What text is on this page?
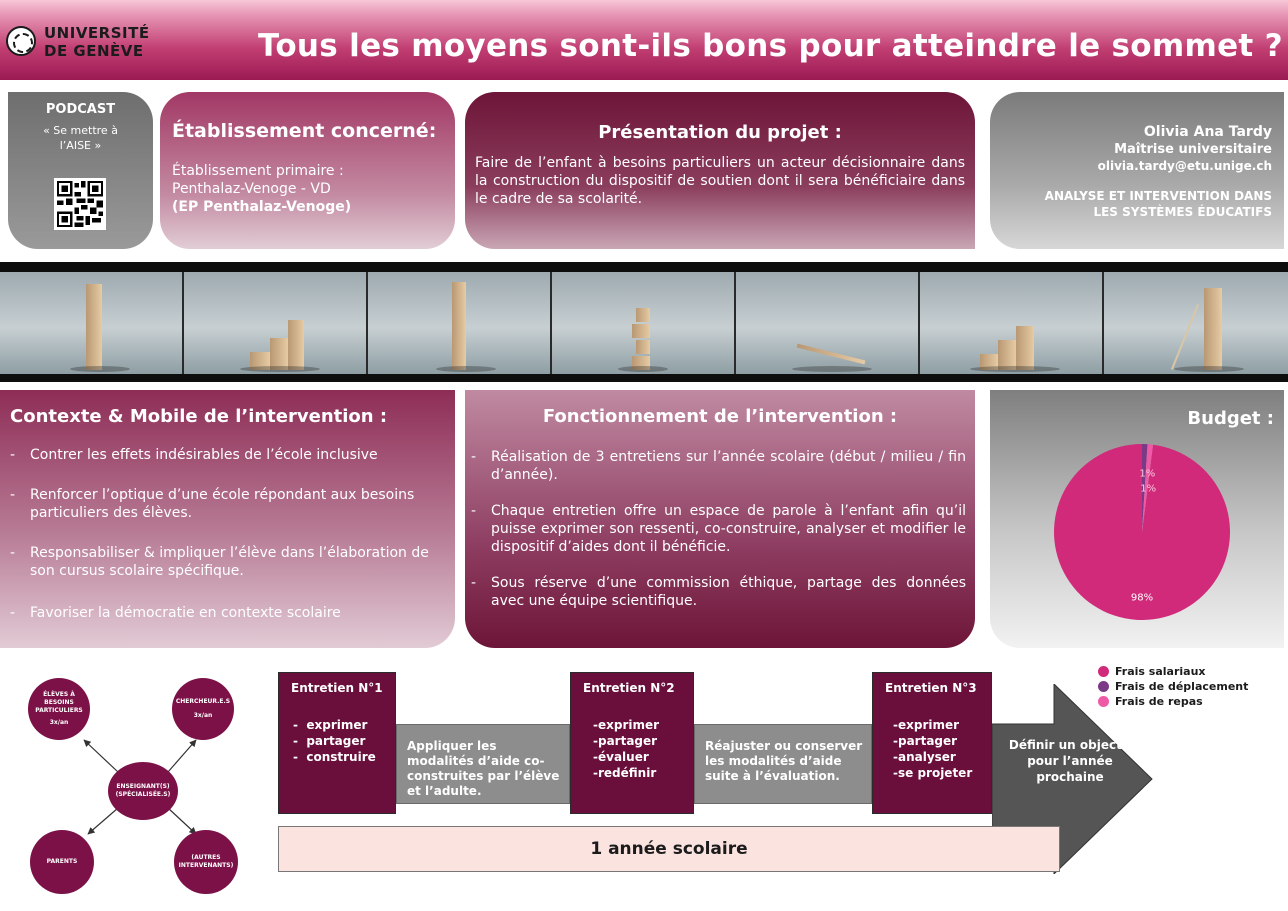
UNIVERSITÉ
DE GENÈVE	Tous les moyens sont-ils bons pour atteindre le sommet ?
PODCAST
« Se mettre à
l’AISE »
Établissement concerné:
Établissement primaire :
Penthalaz-Venoge - VD
(EP Penthalaz-Venoge)
Présentation du projet :
Faire de l’enfant à besoins particuliers un acteur décisionnaire dans la construction du dispositif de soutien dont il sera bénéficiaire dans le cadre de sa scolarité.
Olivia Ana Tardy
Maîtrise universitaire
olivia.tardy@etu.unige.ch
ANALYSE ET INTERVENTION DANS
LES SYSTÈMES ÉDUCATIFS
Contexte & Mobile de l’intervention :
- Contrer les effets indésirables de l’école inclusive
- Renforcer l’optique d’une école répondant aux besoins particuliers des élèves.
- Responsabiliser & impliquer l’élève dans l’élaboration de son cursus scolaire spécifique.
- Favoriser la démocratie en contexte scolaire
Fonctionnement de l’intervention :
- Réalisation de 3 entretiens sur l’année scolaire (début / milieu / fin d’année).
- Chaque entretien offre un espace de parole à l’enfant afin qu’il puisse exprimer son ressenti, co-construire, analyser et modifier le dispositif d’aides dont il bénéficie.
- Sous réserve d’une commission éthique, partage des données avec une équipe scientifique.
Budget :
98%
1%
1%
Frais salariaux
Frais de déplacement
Frais de repas
ÉLÈVES À
BESOINS
PARTICULIERS
3x/an
CHERCHEUR.E.S
3x/an
ENSEIGNANT(S)
(SPÉCIALISÉE.S)
PARENTS
(AUTRES
INTERVENANTS)
Entretien N°1
-  exprimer
-  partager
-  construire
Appliquer les modalités d’aide co-construites par l’élève et l’adulte.
Entretien N°2
-exprimer
-partager
-évaluer
-redéfinir
Réajuster ou conserver les modalités d’aide suite à l’évaluation.
Entretien N°3
-exprimer
-partager
-analyser
-se projeter
Définir un objectif pour l’année prochaine
1 année scolaire
